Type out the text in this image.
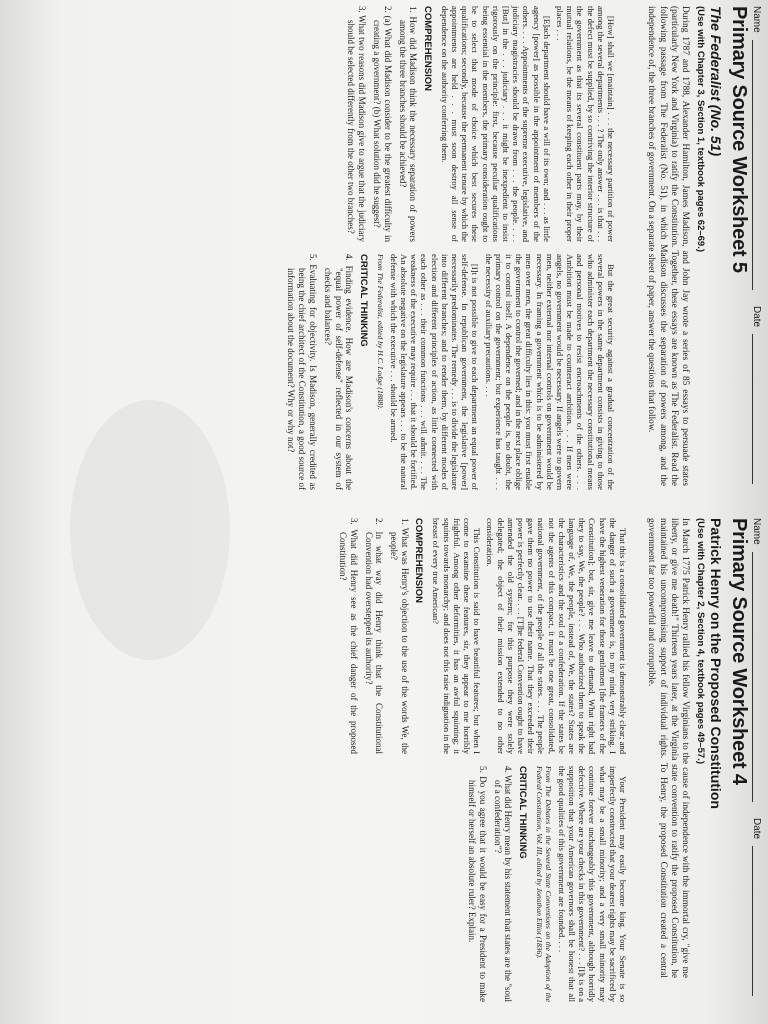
Name
Date
Primary Source Worksheet 5
The Federalist (No. 51)
(Use with Chapter 3, Section 1, textbook pages 62–69.)
During 1787 and 1788, Alexander Hamilton, James Madison, and John Jay wrote a series of 85 essays to persuade states (particularly New York and Virginia) to ratify the Constitution. Together, these essays are known as The Federalist. Read the following passage from The Federalist (No. 51), in which Madison discusses the separation of powers among, and the independence of, the three branches of government. On a separate sheet of paper, answer the questions that follow.

[How] shall we [maintain] . . . the necessary partition of power among the several departments . . . ? The only answer . . . is that . . . the defect must be supplied, by so contriving the interior structure of the government as that its several constituent parts may, by their mutual relations, be the means of keeping each other in their proper places . . .

[E]ach department should have a will of its own; and . . . as little agency [power] as possible in the appointment of members of the others. . . . Appointments of the supreme executive, legislative, and judiciary magistracies should be drawn from . . . the people. . . . [But] in the . . . judiciary . . . it might be inexpedient to insist rigorously on the principle: first, because peculiar qualifications being essential in the members, the primary consideration ought to be to select that mode of choice which best secures these qualifications; secondly, because the permanent tenure by which the appointments are held . . . must soon destroy all sense of dependence on the authority conferring them.

COMPREHENSION
1. How did Madison think the necessary separation of powers among the three branches should be achieved?
2. (a) What did Madison consider to be the greatest difficulty in creating a government? (b) What solution did he suggest?
3. What two reasons did Madison give to argue that the judiciary should be selected differently from the other two branches?

But the great security against a gradual concentration of the several powers in the same department consists in giving to those who administer each department the necessary constitutional means and personal motives to resist encroachments of the others. . . . Ambition must be made to counteract ambition. . . . If men were angels, no government would be necessary. If angels were to govern men, neither external nor internal controls on government would be necessary. In framing a government which is to be administered by men over men, the great difficulty lies in this: you must first enable the government to control the governed; and in the next place oblige it to control itself. A dependence on the people is, no doubt, the primary control on the government; but experience has taught . . . the necessity of auxiliary precautions. . . .

[I]t is not possible to give to each department an equal power of self-defense. In republican government, the legislative [power] necessarily predominates. The remedy . . . is to divide the legislature into different branches; and to render them, by different modes of election and different principles of action, as little connected with each other as . . . their common functions . . . will admit. . . . The weakness of the executive may require . . . that it should be fortified. An absolute negative on the legislature appears . . . to be the natural defense with which the executive . . . should be armed.

From The Federalist, edited by H.C. Lodge (1888).
CRITICAL THINKING
4. Finding evidence. How are Madison's concerns about the "equal power of self-defense" reflected in our system of checks and balances?
5. Evaluating for objectivity. Is Madison, generally credited as being the chief architect of the Constitution, a good source of information about the document? Why or why not?
Name
Date
Primary Source Worksheet 4
Patrick Henry on the Proposed Constitution
(Use with Chapter 2, Section 4, textbook pages 49–57.)
In March 1775 Patrick Henry rallied his fellow Virginians to the cause of independence with the immortal cry, "give me liberty, or give me death!" Thirteen years later, at the Virginia state convention to ratify the proposed Constitution, he maintained his uncompromising support of individual rights. To Henry, the proposed Constitution created a central government far too powerful and corruptible.

That this is a consolidated government is demonstrably clear; and the danger of such a government is, to my mind, very striking. I have the highest veneration for those gentlemen [the framers of the Constitution]; but, sir, give me leave to demand, What right had they to say, We, the people? . . . Who authorized them to speak the language of, We, the people, instead of, We, the states? States are the characteristics and the soul of a confederation. If the states be not the agents of this compact, it must be one great, consolidated, national government, of the people of all the states. . . . The people gave them no power to use their name. That they exceeded their power is perfectly clear. . . . [T]he federal Convention ought to have amended the old system; for this purpose they were solely delegated; the object of their mission extended to no other consideration.

This Constitution is said to have beautiful features; but when I come to examine these features, sir, they appear to me horribly frightful. Among other deformities, it has an awful squinting; it squints towards monarchy; and does not this raise indignation in the breast of every true American?

COMPREHENSION
1. What was Henry's objection to the use of the words We, the people?
2. In what way did Henry think that the Constitutional Convention had overstepped its authority?
3. What did Henry see as the chief danger of the proposed Constitution?

Your President may easily become king. Your Senate is so imperfectly constructed that your dearest rights may be sacrificed by what may be a small minority; and a very small minority may continue forever unchangeably this government, although horridly defective. Where are your checks in this government? . . . [I]t is on a supposition that your American governors shall be honest that all the good qualities of this government are founded. . . .

From The Debates in the Several State Conventions on the Adoption of the Federal Constitution, Vol. III, edited by Jonathan Elliot (1836).
CRITICAL THINKING
4. What did Henry mean by his statement that states are the "soul of a confederation"?
5. Do you agree that it would be easy for a President to make himself or herself an absolute ruler? Explain.
